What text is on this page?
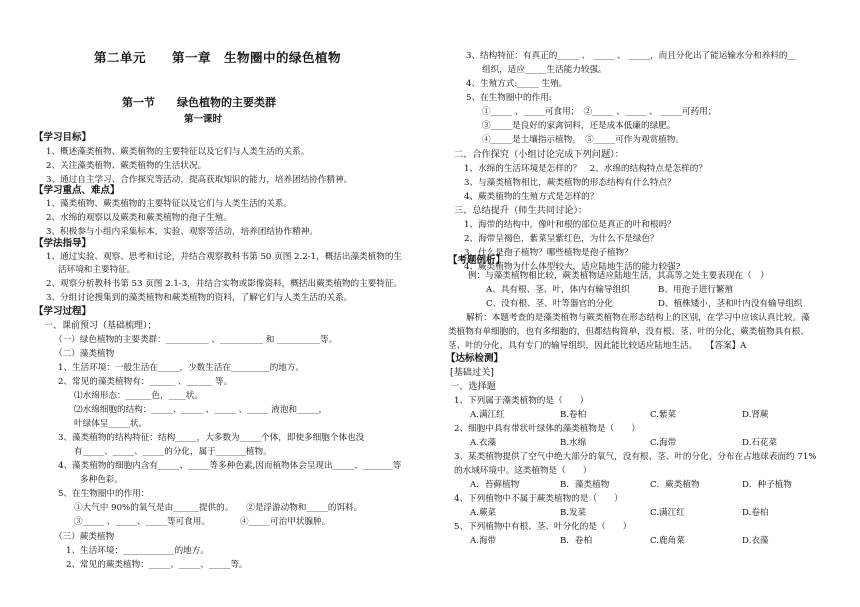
第二单元　　第一章　生物圈中的绿色植物
第一节　　绿色植物的主要类群
第一课时
【学习目标】
1、概述藻类植物、蕨类植物的主要特征以及它们与人类生活的关系。
2、关注藻类植物、蕨类植物的生活状况。
3、通过自主学习、合作探究等活动，提高获取知识的能力，培养团结协作精神。
【学习重点、难点】
1、藻类植物、蕨类植物的主要特征以及它们与人类生活的关系。
2、水绵的观察以及蕨类和蕨类植物的孢子生殖。
3、积极参与小组内采集标本，实验、观察等活动，培养团结协作精神。
【学法指导】
1、通过实验、观察、思考和讨论，并结合观察教科书第 50 页图 2.2-1，概括出藻类植物的生
活环境和主要特征。
2、观察分析教科书第 53 页图 2.1-3，并结合实物或影像资料，概括出蕨类植物的主要特征。
3、分组讨论搜集到的藻类植物和蕨类植物的资料，了解它们与人类生活的关系。
【学习过程】
一、课前预习（基础梳理）；
（一）绿色植物的主要类群：__________ 、__________ 和 __________等。
（二）藻类植物
1、生活环境：一般生活在_____，少数生活在_________的地方。
2、常见的藻类植物有：______ 、______ 等。
⑴水绵形态：______色，____状。
⑵水绵细胞的结构：_____、_____ 、_____ 、_____ 液泡和_____，
叶绿体呈_____状。
3、藻类植物的结构特征：结构_____，大多数为_____个体，即使多细胞个体也没
有_____、_____、_____的分化，属于_______植物。
4、藻类植物的细胞内含有_____、_____等多种色素,因而植物体会呈现出_____、_______等
多种色彩。
5、在生物圈中的作用：
①大气中 90%的氧气是由______提供的。　　②是浮游动物和_____的饵料。
③_____ 、_____、_____等可食用。　　　　④_____可治甲状腺肿。
（三）蕨类植物
1、生活环境：____________的地方。
2、常见的蕨类植物：_____、_____、_____等。
3、结构特征：有真正的_____ 、 _____ 、 _____，而且分化出了能运输水分和养料的__
组织，适应_____生活能力较强。
4、生殖方式:_____ 生殖。
5、在生物圈中的作用:
①_____ 、_____可食用；　②_____ 、_____ 、 _____可药用；
③_____是良好的家禽饲料，还是成本低廉的绿肥。
④_____是土壤指示植物。　⑤_____可作为观赏植物。
二、合作探究（小组讨论完成下列问题）：
1、水绵的生活环境是怎样的？　2、水绵的结构特点是怎样的？
3、与藻类植物相比，蕨类植物的形态结构有什么特点？
4、蕨类植物的生殖方式是怎样的？
三、总结提升（师生共同讨论）：
1、海带的结构中，像叶和根的部位是真正的叶和根吗？
2、海带呈褐色，紫菜呈紫红色，为什么不是绿色？
3、什么是孢子植物？哪些植物是孢子植物？
4、蕨类植物为什么体型较大，适应陆地生活的能力较强?
【考题例析】
例：与藻类植物相比较，蕨类植物适应陆地生活，其高等之处主要表现在（　）
A、具有根、茎、叶，体内有输导组织	B、用孢子进行繁殖
C、没有根、茎、叶等器官的分化	D、植株矮小，茎和叶内没有输导组织
解析：本题考查的是藻类植物与蕨类植物在形态结构上的区别，在学习中应该认真比较。藻
类植物有单细胞的，也有多细胞的，但都结构简单，没有根、茎、叶的分化，蕨类植物具有根、
茎、叶的分化，具有专门的输导组织，因此能比较适应陆地生活。　　【答案】A
【达标检测】
[基础过关]
一、选择题
1、下列属于藻类植物的是（　　）
A.满江红	B.卷柏	C.紫菜	D.肾蕨
2、细胞中具有带状叶绿体的藻类植物是（　　）
A.衣藻	B.水绵	C.海带	D.石花菜
3、某类植物提供了空气中绝大部分的氧气，没有根、茎、叶的分化，分布在占地球表面约 71%
的水域环境中。这类植物是（　　）
A．苔藓植物	B．藻类植物	C．蕨类植物	D．种子植物
4、下列植物中不属于蕨类植物的是（　　）
A.蕨菜	B.发菜	C.满江红	D.卷柏
5、下列植物中有根、茎、叶分化的是（　　）
A.海带	B．卷柏	C.鹿角菜	D.衣藻
